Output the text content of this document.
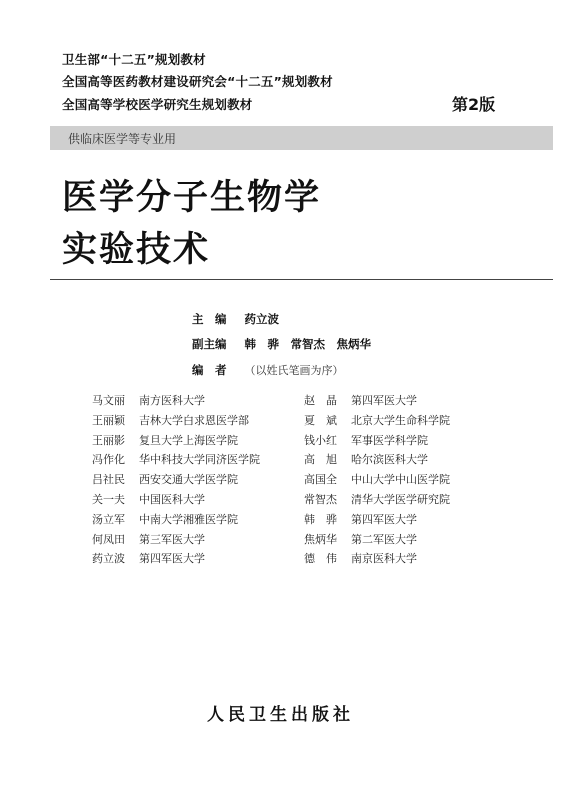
卫生部“十二五”规划教材
全国高等医药教材建设研究会“十二五”规划教材
全国高等学校医学研究生规划教材	第2版
供临床医学等专业用
医学分子生物学
实验技术
主　编 药立波
副主编 韩　骅　常智杰　焦炳华
编　者 （以姓氏笔画为序）
马文丽 南方医科大学
王丽颖 吉林大学白求恩医学部
王丽影 复旦大学上海医学院
冯作化 华中科技大学同济医学院
吕社民 西安交通大学医学院
关一夫 中国医科大学
汤立军 中南大学湘雅医学院
何凤田 第三军医大学
药立波 第四军医大学
赵　晶 第四军医大学
夏　斌 北京大学生命科学院
钱小红 军事医学科学院
高　旭 哈尔滨医科大学
高国全 中山大学中山医学院
常智杰 清华大学医学研究院
韩　骅 第四军医大学
焦炳华 第二军医大学
德　伟 南京医科大学
人民卫生出版社
